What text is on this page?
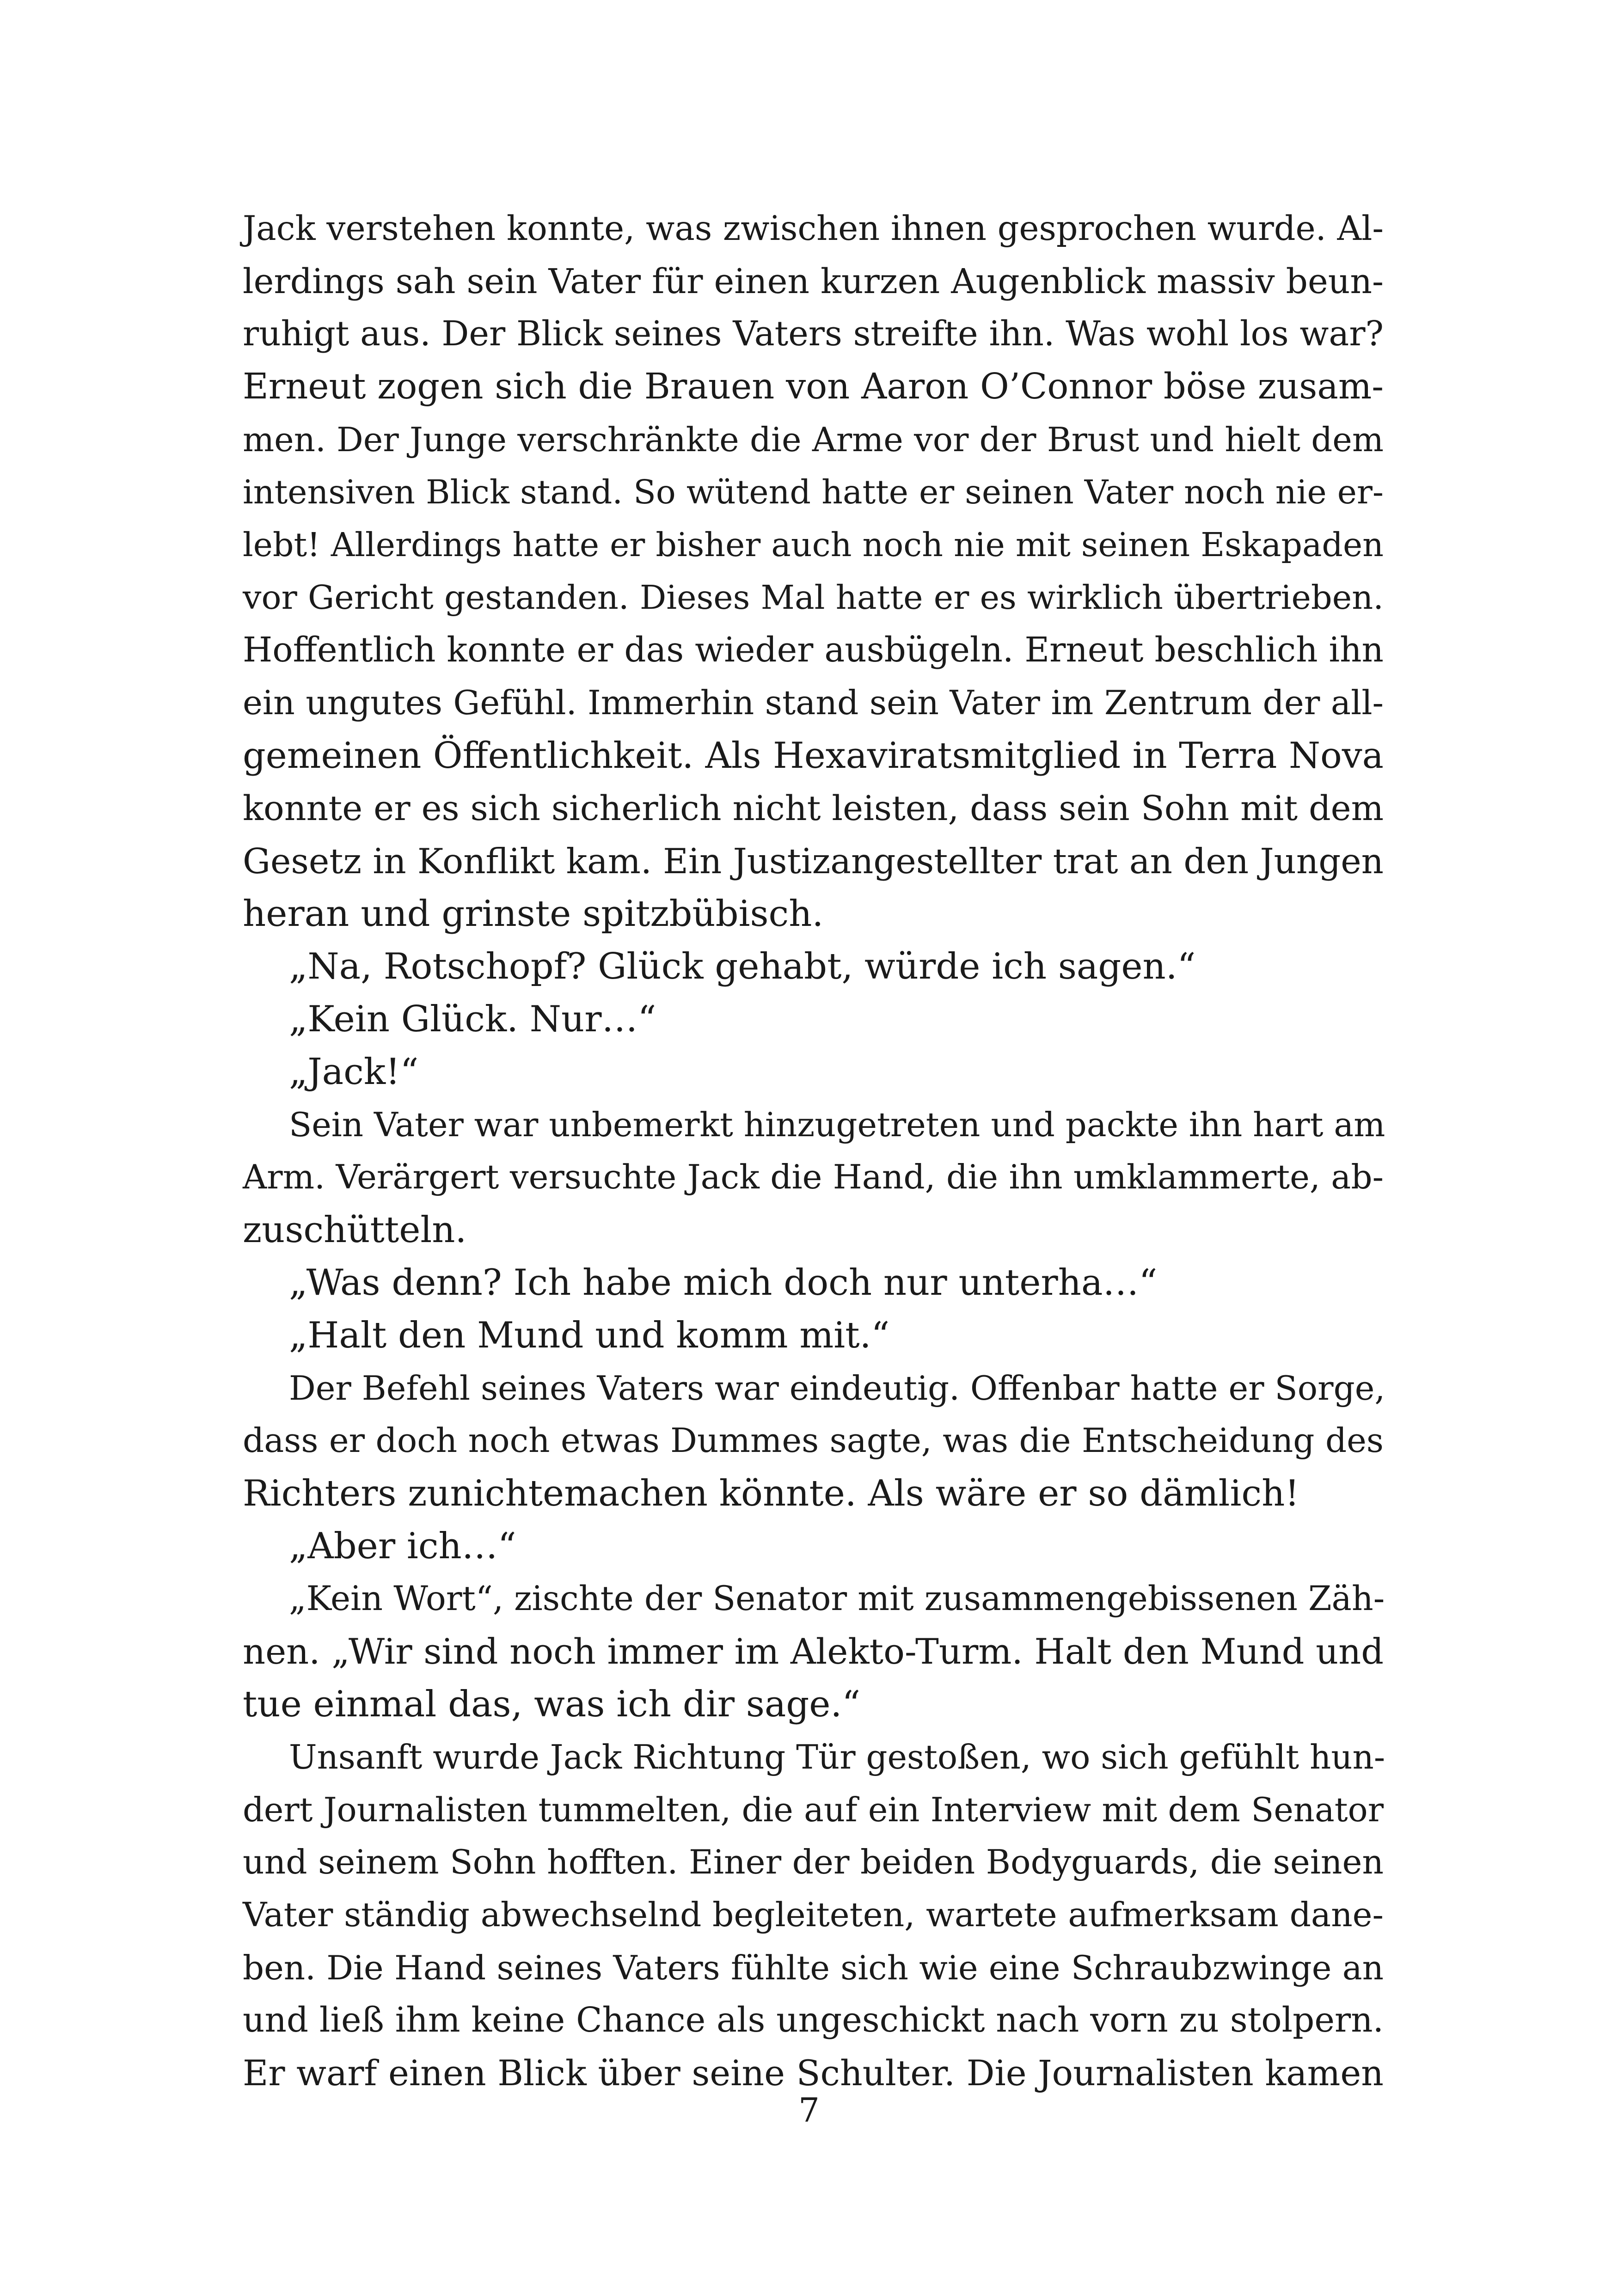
Jack verstehen konnte, was zwischen ihnen gesprochen wurde. Al-
lerdings sah sein Vater für einen kurzen Augenblick massiv beun-
ruhigt aus. Der Blick seines Vaters streifte ihn. Was wohl los war?
Erneut zogen sich die Brauen von Aaron O’Connor böse zusam-
men. Der Junge verschränkte die Arme vor der Brust und hielt dem
intensiven Blick stand. So wütend hatte er seinen Vater noch nie er-
lebt! Allerdings hatte er bisher auch noch nie mit seinen Eskapaden
vor Gericht gestanden. Dieses Mal hatte er es wirklich übertrieben.
Hoffentlich konnte er das wieder ausbügeln. Erneut beschlich ihn
ein ungutes Gefühl. Immerhin stand sein Vater im Zentrum der all-
gemeinen Öffentlichkeit. Als Hexaviratsmitglied in Terra Nova
konnte er es sich sicherlich nicht leisten, dass sein Sohn mit dem
Gesetz in Konflikt kam. Ein Justizangestellter trat an den Jungen
heran und grinste spitzbübisch.
„Na, Rotschopf? Glück gehabt, würde ich sagen.“
„Kein Glück. Nur…“
„Jack!“
Sein Vater war unbemerkt hinzugetreten und packte ihn hart am
Arm. Verärgert versuchte Jack die Hand, die ihn umklammerte, ab-
zuschütteln.
„Was denn? Ich habe mich doch nur unterha…“
„Halt den Mund und komm mit.“
Der Befehl seines Vaters war eindeutig. Offenbar hatte er Sorge,
dass er doch noch etwas Dummes sagte, was die Entscheidung des
Richters zunichtemachen könnte. Als wäre er so dämlich!
„Aber ich…“
„Kein Wort“, zischte der Senator mit zusammengebissenen Zäh-
nen. „Wir sind noch immer im Alekto-Turm. Halt den Mund und
tue einmal das, was ich dir sage.“
Unsanft wurde Jack Richtung Tür gestoßen, wo sich gefühlt hun-
dert Journalisten tummelten, die auf ein Interview mit dem Senator
und seinem Sohn hofften. Einer der beiden Bodyguards, die seinen
Vater ständig abwechselnd begleiteten, wartete aufmerksam dane-
ben. Die Hand seines Vaters fühlte sich wie eine Schraubzwinge an
und ließ ihm keine Chance als ungeschickt nach vorn zu stolpern.
Er warf einen Blick über seine Schulter. Die Journalisten kamen
7
